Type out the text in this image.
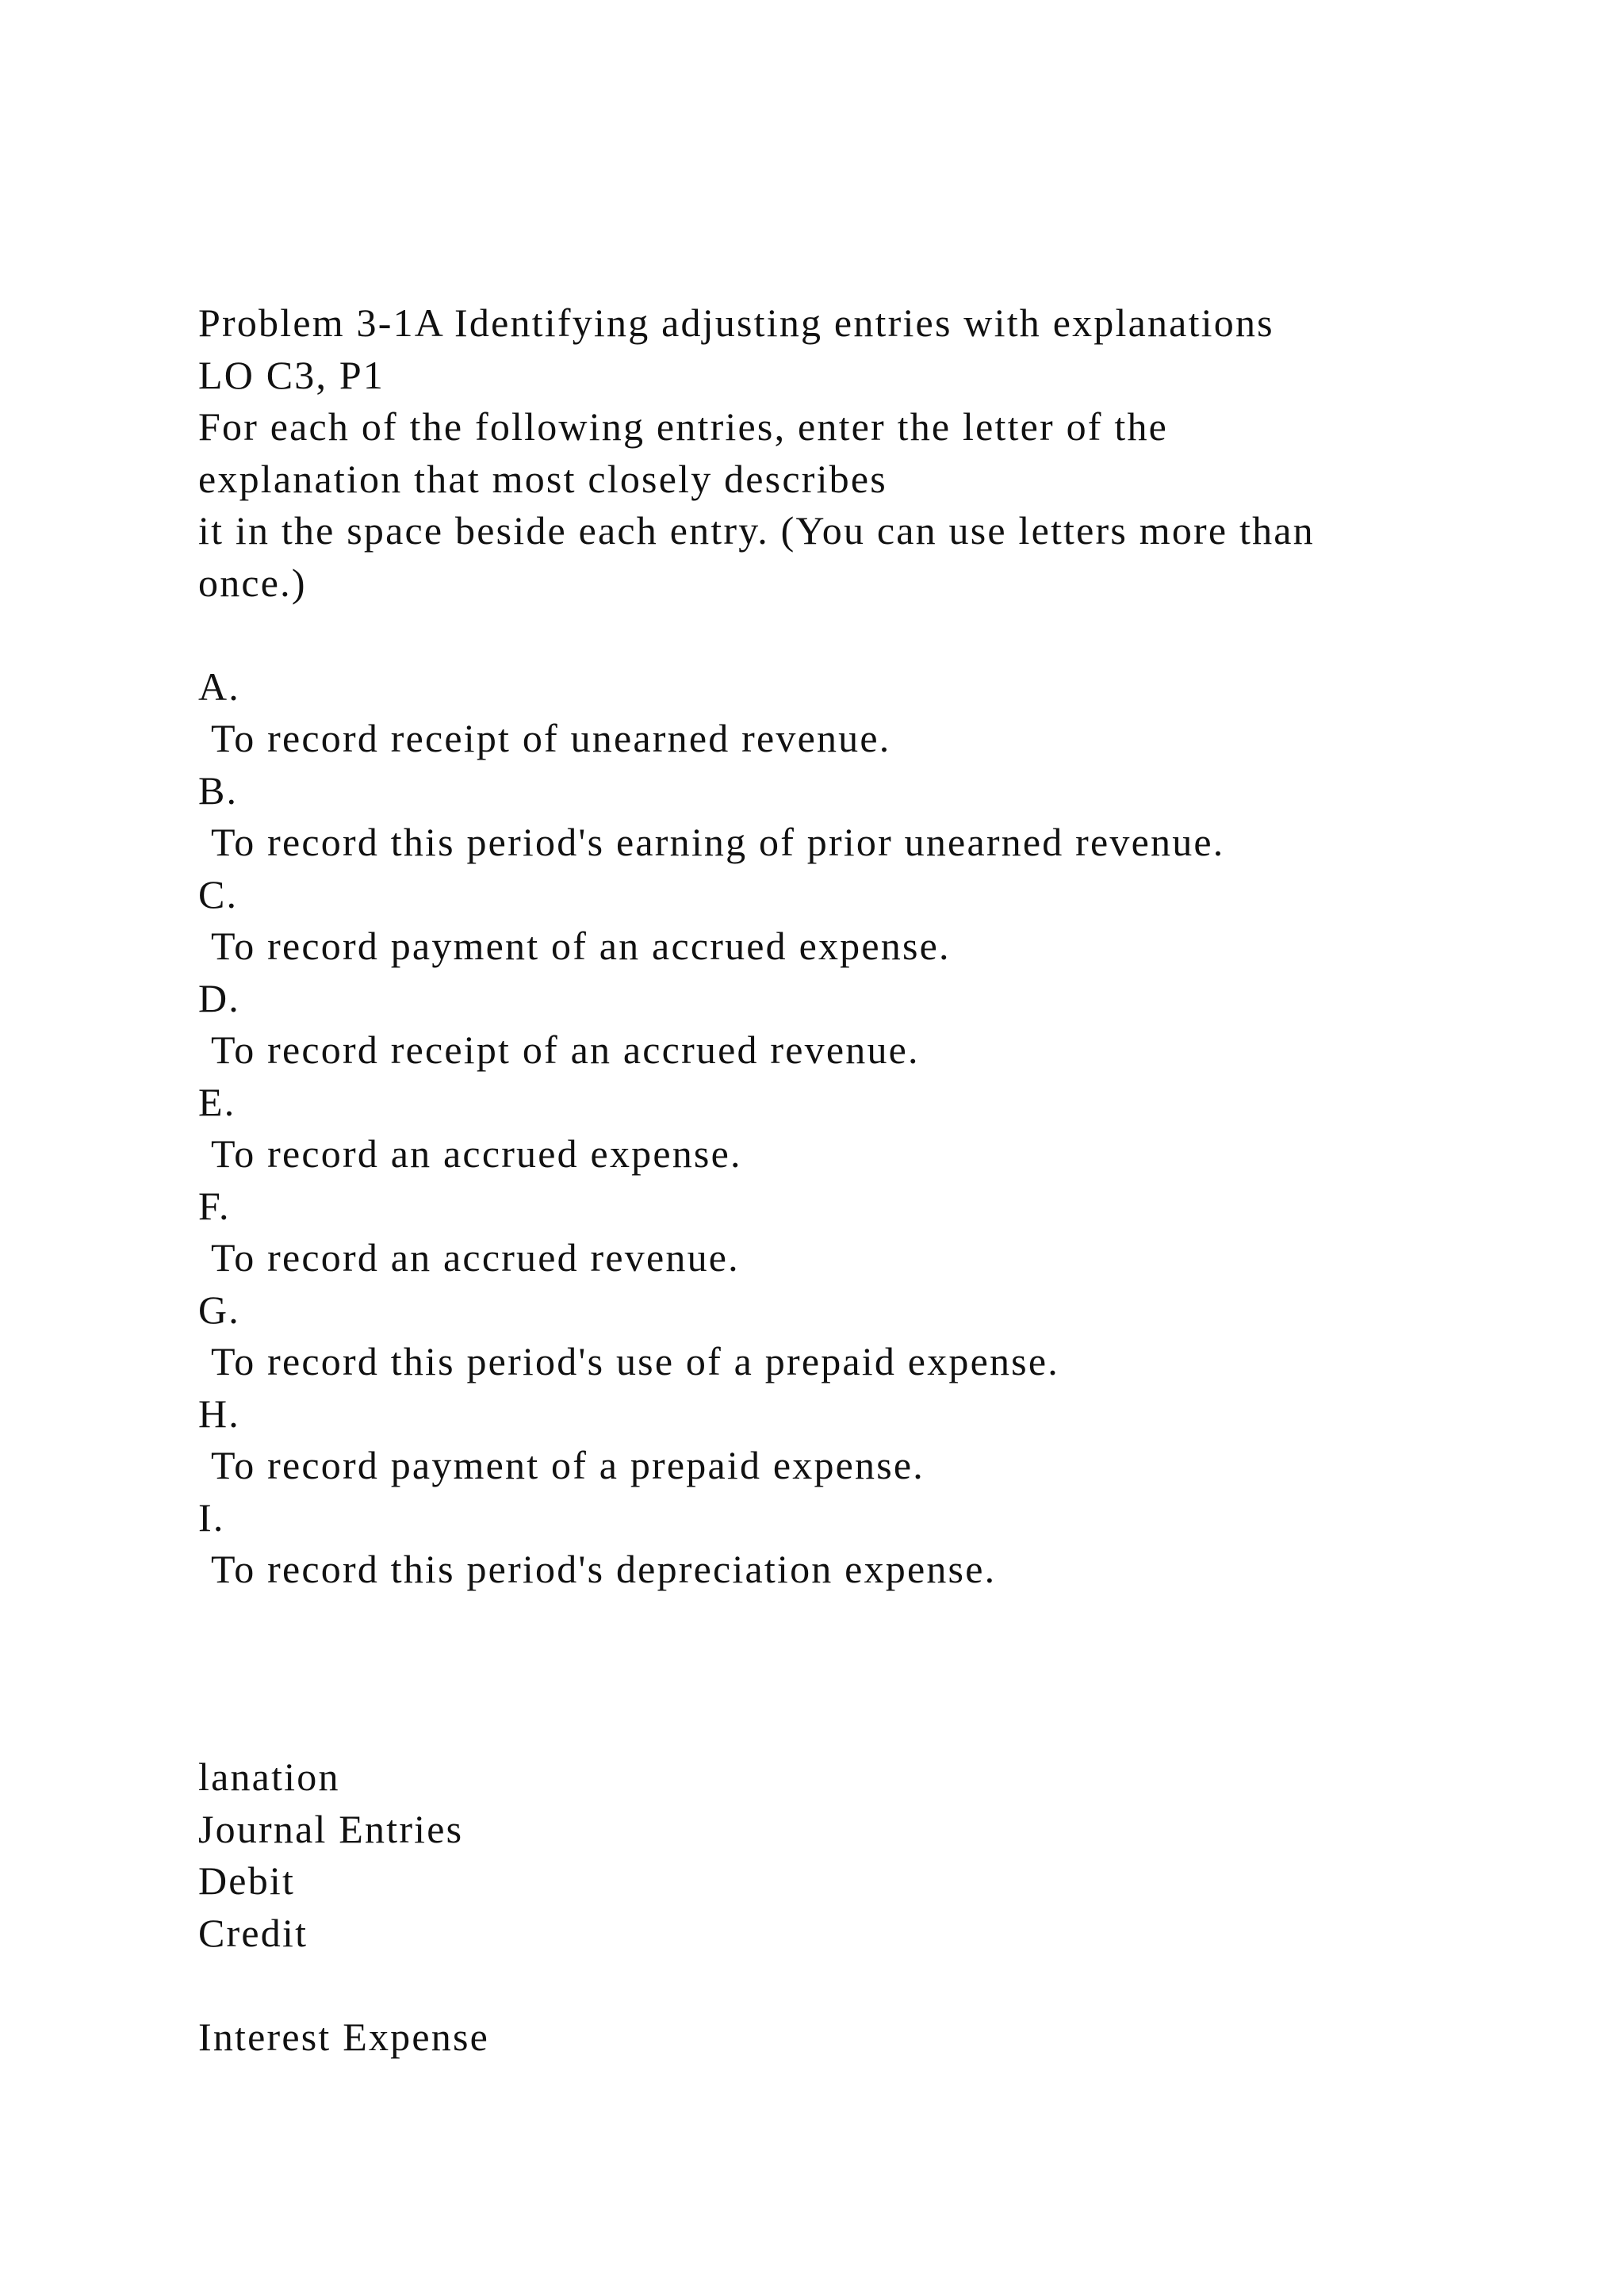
Problem 3-1A Identifying adjusting entries with explanations
LO C3, P1
For each of the following entries, enter the letter of the
explanation that most closely describes
it in the space beside each entry. (You can use letters more than
once.)
A.
To record receipt of unearned revenue.
B.
To record this period's earning of prior unearned revenue.
C.
To record payment of an accrued expense.
D.
To record receipt of an accrued revenue.
E.
To record an accrued expense.
F.
To record an accrued revenue.
G.
To record this period's use of a prepaid expense.
H.
To record payment of a prepaid expense.
I.
To record this period's depreciation expense.
lanation
Journal Entries
Debit
Credit
Interest Expense
